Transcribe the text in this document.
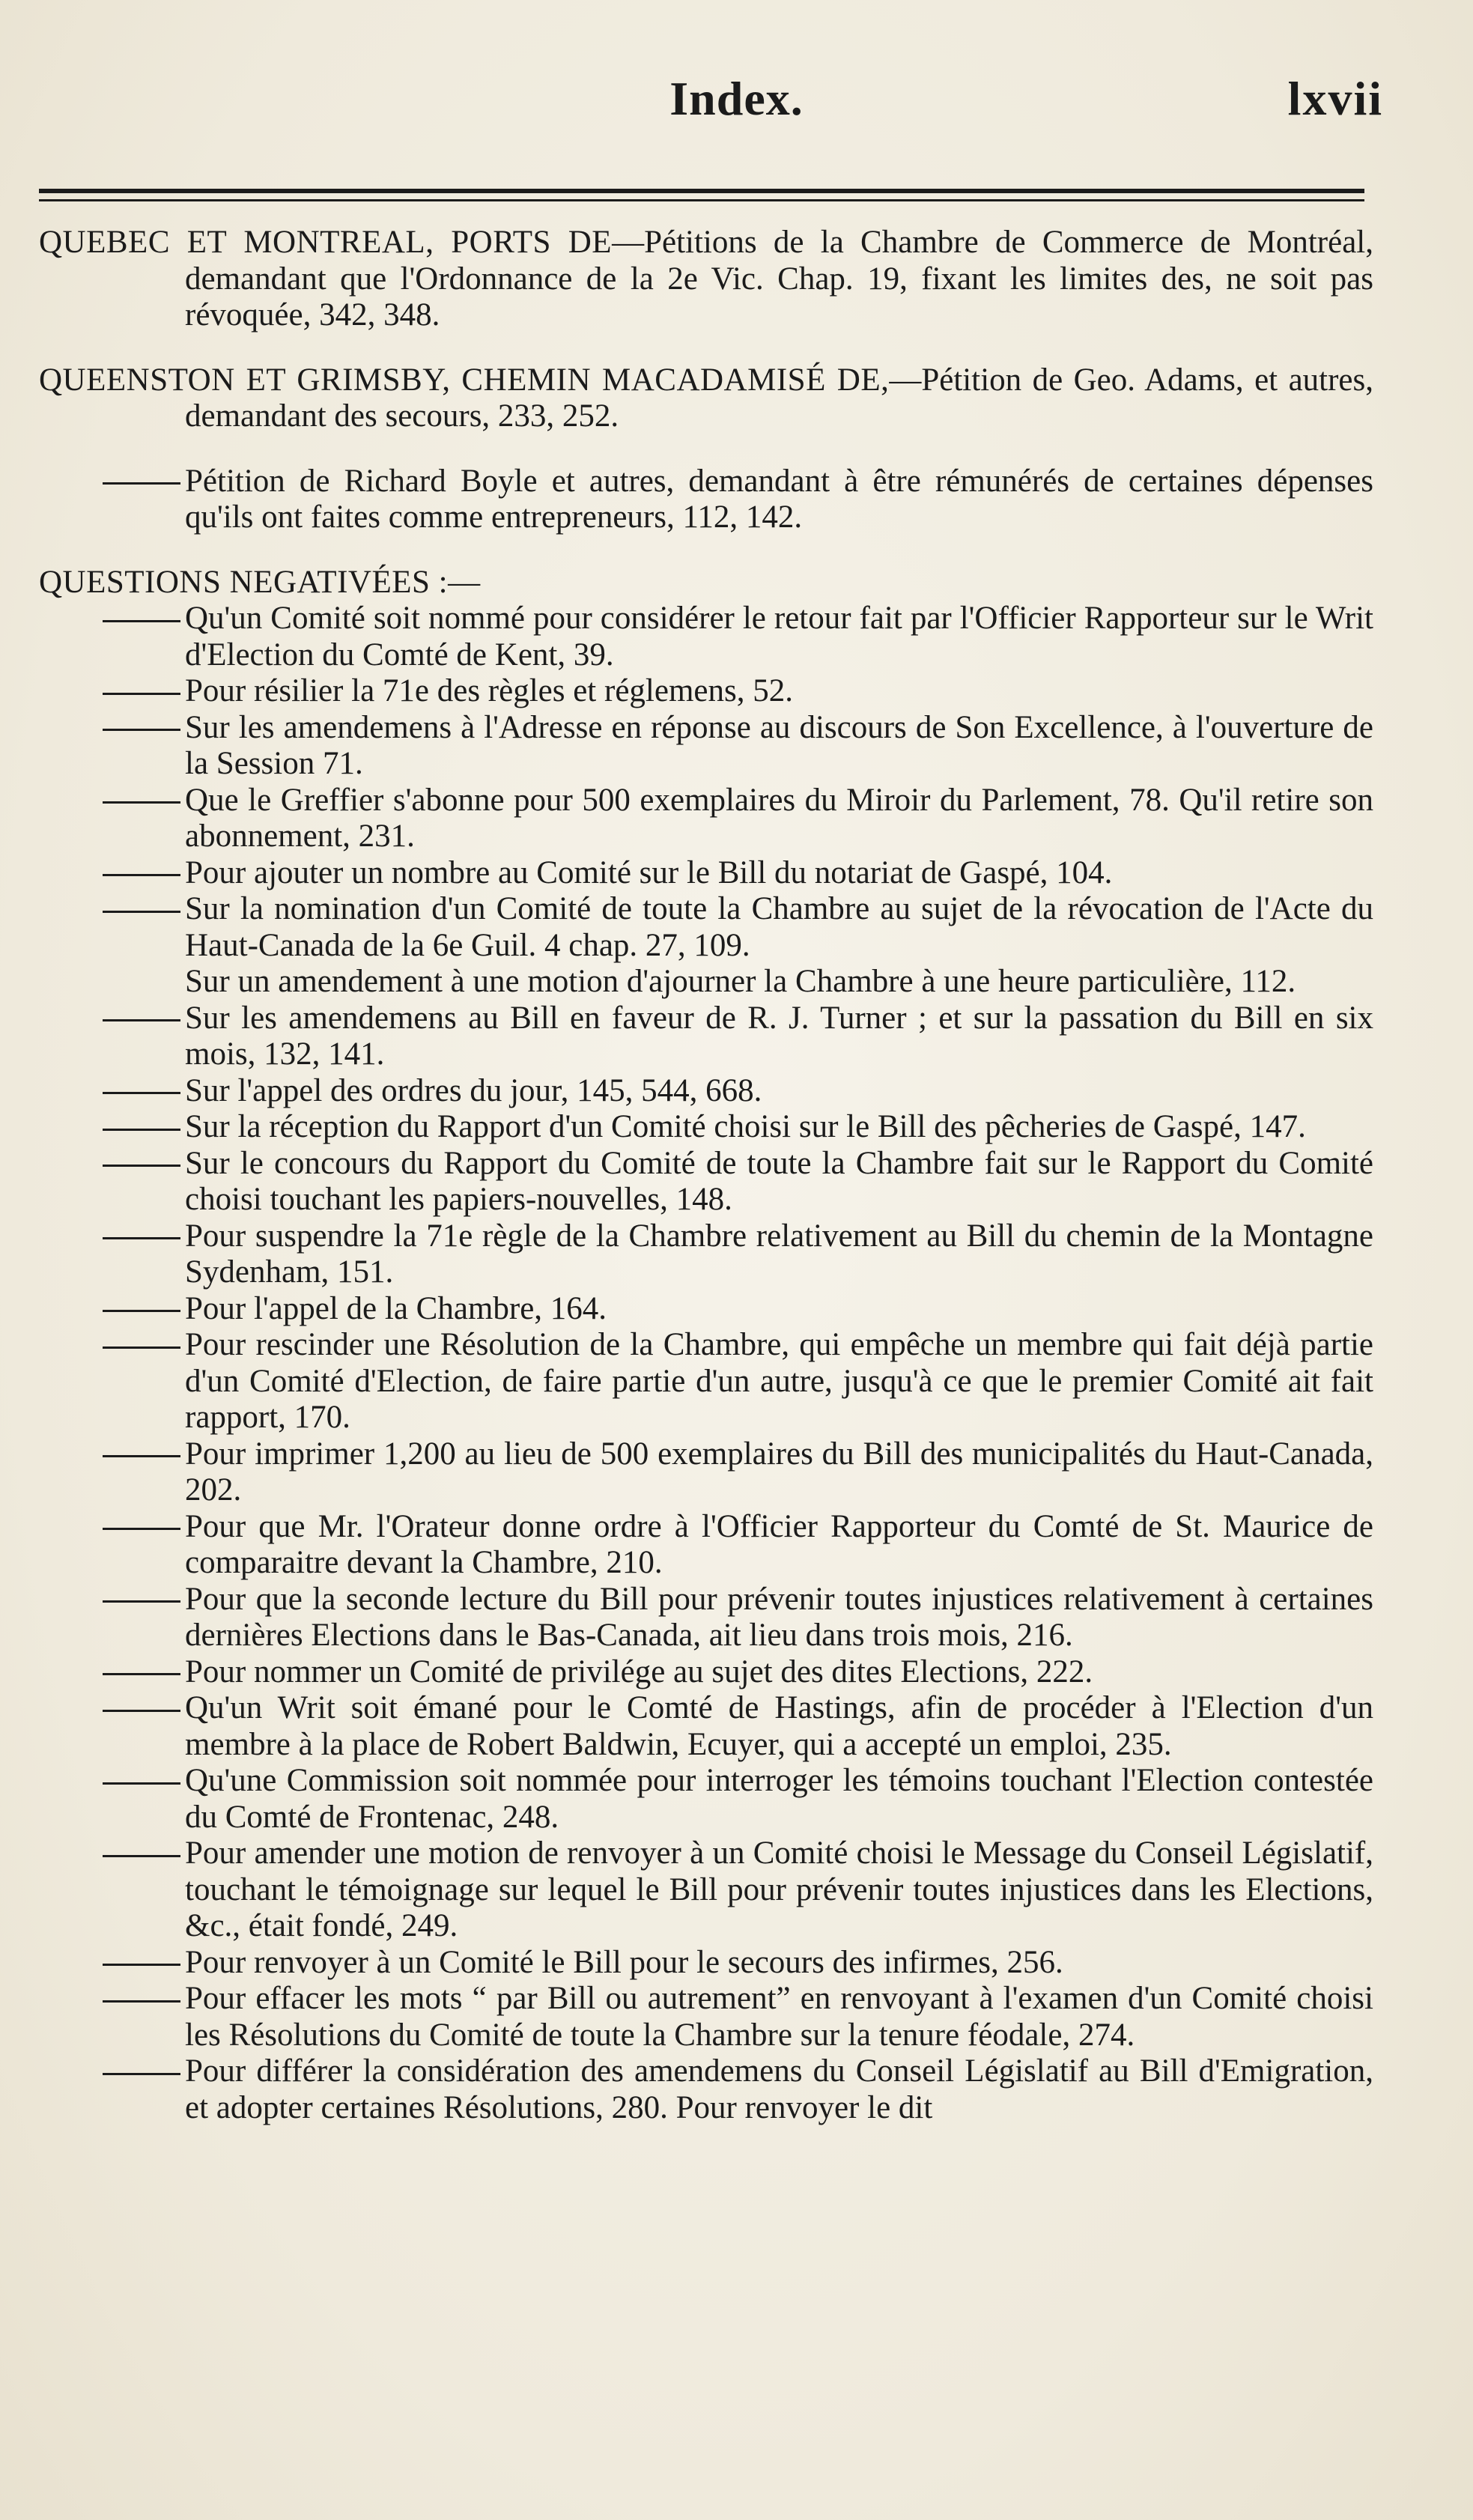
Index.	lxvii

QUEBEC ET MONTREAL, PORTS DE—Pétitions de la Chambre de Commerce de Montréal, demandant que l'Ordonnance de la 2e Vic. Chap. 19, fixant les limites des, ne soit pas révoquée, 342, 348.

QUEENSTON ET GRIMSBY, CHEMIN MACADAMISÉ DE,—Pétition de Geo. Adams, et autres, demandant des secours, 233, 252.

Pétition de Richard Boyle et autres, demandant à être rémunérés de certaines dépenses qu'ils ont faites comme entrepreneurs, 112, 142.

QUESTIONS NEGATIVÉES :—

Qu'un Comité soit nommé pour considérer le retour fait par l'Officier Rapporteur sur le Writ d'Election du Comté de Kent, 39.
Pour résilier la 71e des règles et réglemens, 52.
Sur les amendemens à l'Adresse en réponse au discours de Son Excellence, à l'ouverture de la Session 71.
Que le Greffier s'abonne pour 500 exemplaires du Miroir du Parlement, 78. Qu'il retire son abonnement, 231.
Pour ajouter un nombre au Comité sur le Bill du notariat de Gaspé, 104.
Sur la nomination d'un Comité de toute la Chambre au sujet de la révocation de l'Acte du Haut-Canada de la 6e Guil. 4 chap. 27, 109.
Sur un amendement à une motion d'ajourner la Chambre à une heure particulière, 112.
Sur les amendemens au Bill en faveur de R. J. Turner ; et sur la passation du Bill en six mois, 132, 141.
Sur l'appel des ordres du jour, 145, 544, 668.
Sur la réception du Rapport d'un Comité choisi sur le Bill des pêcheries de Gaspé, 147.
Sur le concours du Rapport du Comité de toute la Chambre fait sur le Rapport du Comité choisi touchant les papiers-nouvelles, 148.
Pour suspendre la 71e règle de la Chambre relativement au Bill du chemin de la Montagne Sydenham, 151.
Pour l'appel de la Chambre, 164.
Pour rescinder une Résolution de la Chambre, qui empêche un membre qui fait déjà partie d'un Comité d'Election, de faire partie d'un autre, jusqu'à ce que le premier Comité ait fait rapport, 170.
Pour imprimer 1,200 au lieu de 500 exemplaires du Bill des municipalités du Haut-Canada, 202.
Pour que Mr. l'Orateur donne ordre à l'Officier Rapporteur du Comté de St. Maurice de comparaitre devant la Chambre, 210.
Pour que la seconde lecture du Bill pour prévenir toutes injustices relativement à certaines dernières Elections dans le Bas-Canada, ait lieu dans trois mois, 216.
Pour nommer un Comité de privilége au sujet des dites Elections, 222.
Qu'un Writ soit émané pour le Comté de Hastings, afin de procéder à l'Election d'un membre à la place de Robert Baldwin, Ecuyer, qui a accepté un emploi, 235.
Qu'une Commission soit nommée pour interroger les témoins touchant l'Election contestée du Comté de Frontenac, 248.
Pour amender une motion de renvoyer à un Comité choisi le Message du Conseil Législatif, touchant le témoignage sur lequel le Bill pour prévenir toutes injustices dans les Elections, &c., était fondé, 249.
Pour renvoyer à un Comité le Bill pour le secours des infirmes, 256.
Pour effacer les mots “ par Bill ou autrement” en renvoyant à l'examen d'un Comité choisi les Résolutions du Comité de toute la Chambre sur la tenure féodale, 274.
Pour différer la considération des amendemens du Conseil Législatif au Bill d'Emigration, et adopter certaines Résolutions, 280. Pour renvoyer le dit
